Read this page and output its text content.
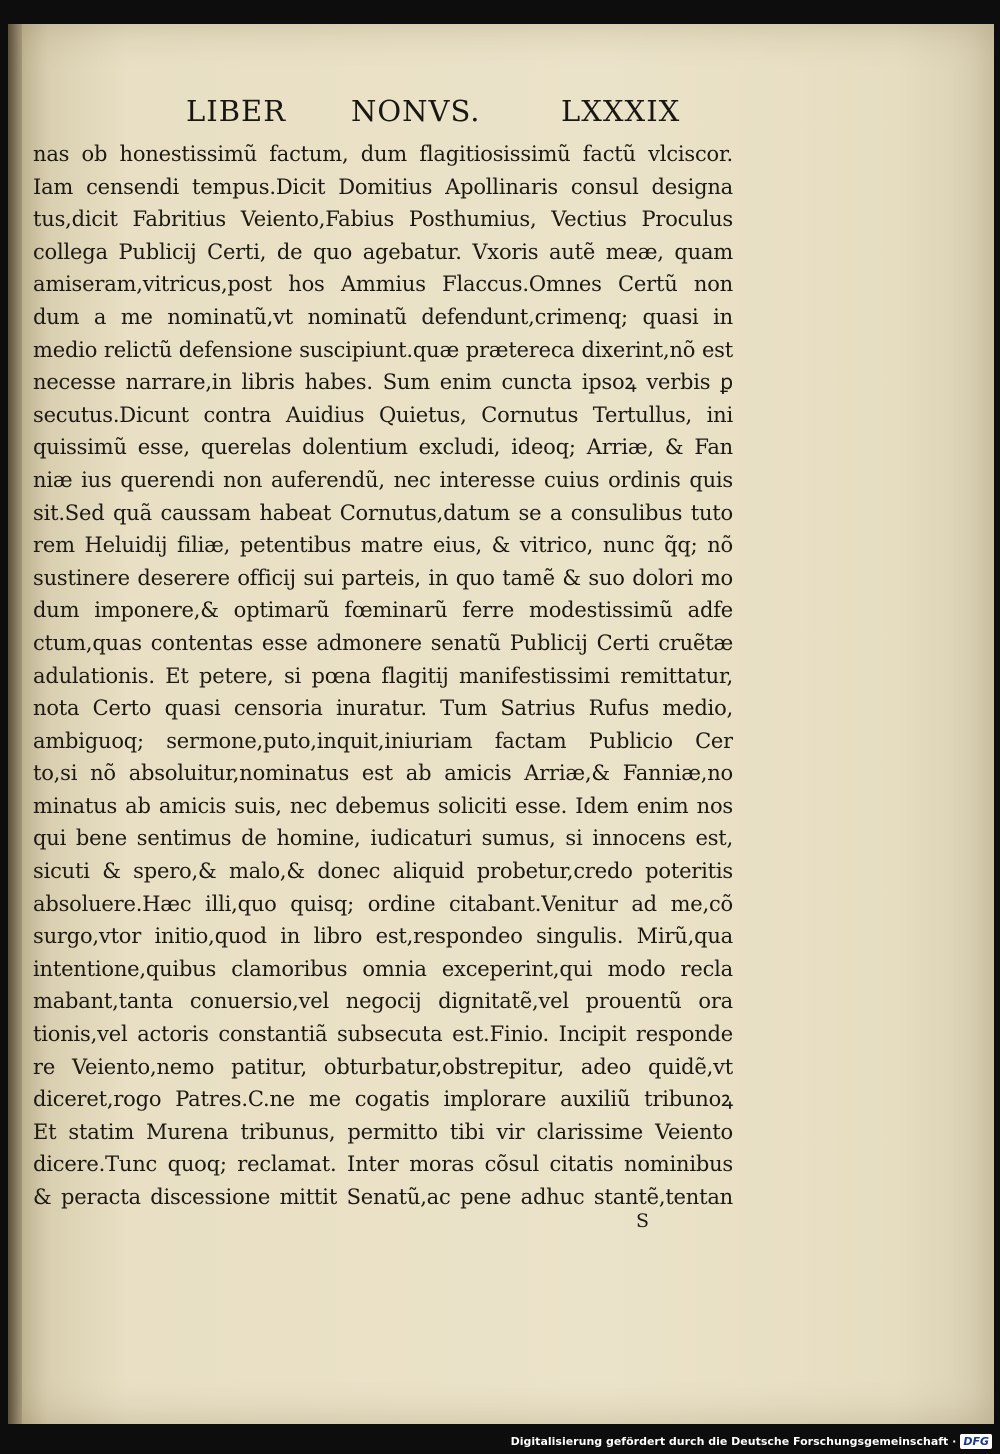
LIBER NONVS.	LXXXIX
nas ob honestissimũ factum, dum flagitiosissimũ factũ vlciscor.
Iam censendi tempus.Dicit Domitius Apollinaris consul designa
tus,dicit Fabritius Veiento,Fabius Posthumius, Vectius Proculus
collega Publicij Certi, de quo agebatur. Vxoris autẽ meæ, quam
amiseram,vitricus,post hos Ammius Flaccus.Omnes Certũ non
dum a me nominatũ,vt nominatũ defendunt,crimenq; quasi in
medio relictũ defensione suscipiunt.quæ prætereca dixerint,nõ est
necesse narrare,in libris habes. Sum enim cuncta ipsoꝝ verbis ꝑ
secutus.Dicunt contra Auidius Quietus, Cornutus Tertullus, ini
quissimũ esse, querelas dolentium excludi, ideoq; Arriæ, & Fan
niæ ius querendi non auferendũ, nec interesse cuius ordinis quis
sit.Sed quã caussam habeat Cornutus,datum se a consulibus tuto
rem Heluidij filiæ, petentibus matre eius, & vitrico, nunc q̃q; nõ
sustinere deserere officij sui parteis, in quo tamẽ & suo dolori mo
dum imponere,& optimarũ fœminarũ ferre modestissimũ adfe
ctum,quas contentas esse admonere senatũ Publicij Certi cruẽtæ
adulationis. Et petere, si pœna flagitij manifestissimi remittatur,
nota Certo quasi censoria inuratur. Tum Satrius Rufus medio,
ambiguoq; sermone,puto,inquit,iniuriam factam Publicio Cer
to,si nõ absoluitur,nominatus est ab amicis Arriæ,& Fanniæ,no
minatus ab amicis suis, nec debemus soliciti esse. Idem enim nos
qui bene sentimus de homine, iudicaturi sumus, si innocens est,
sicuti & spero,& malo,& donec aliquid probetur,credo poteritis
absoluere.Hæc illi,quo quisq; ordine citabant.Venitur ad me,cõ
surgo,vtor initio,quod in libro est,respondeo singulis. Mirũ,qua
intentione,quibus clamoribus omnia exceperint,qui modo recla
mabant,tanta conuersio,vel negocij dignitatẽ,vel prouentũ ora
tionis,vel actoris constantiã subsecuta est.Finio. Incipit responde
re Veiento,nemo patitur, obturbatur,obstrepitur, adeo quidẽ,vt
diceret,rogo Patres.C.ne me cogatis implorare auxiliũ tribunoꝝ
Et statim Murena tribunus, permitto tibi vir clarissime Veiento
dicere.Tunc quoq; reclamat. Inter moras cõsul citatis nominibus
& peracta discessione mittit Senatũ,ac pene adhuc stantẽ,tentan
S
Digitalisierung gefördert durch die Deutsche Forschungsgemeinschaft · DFG
